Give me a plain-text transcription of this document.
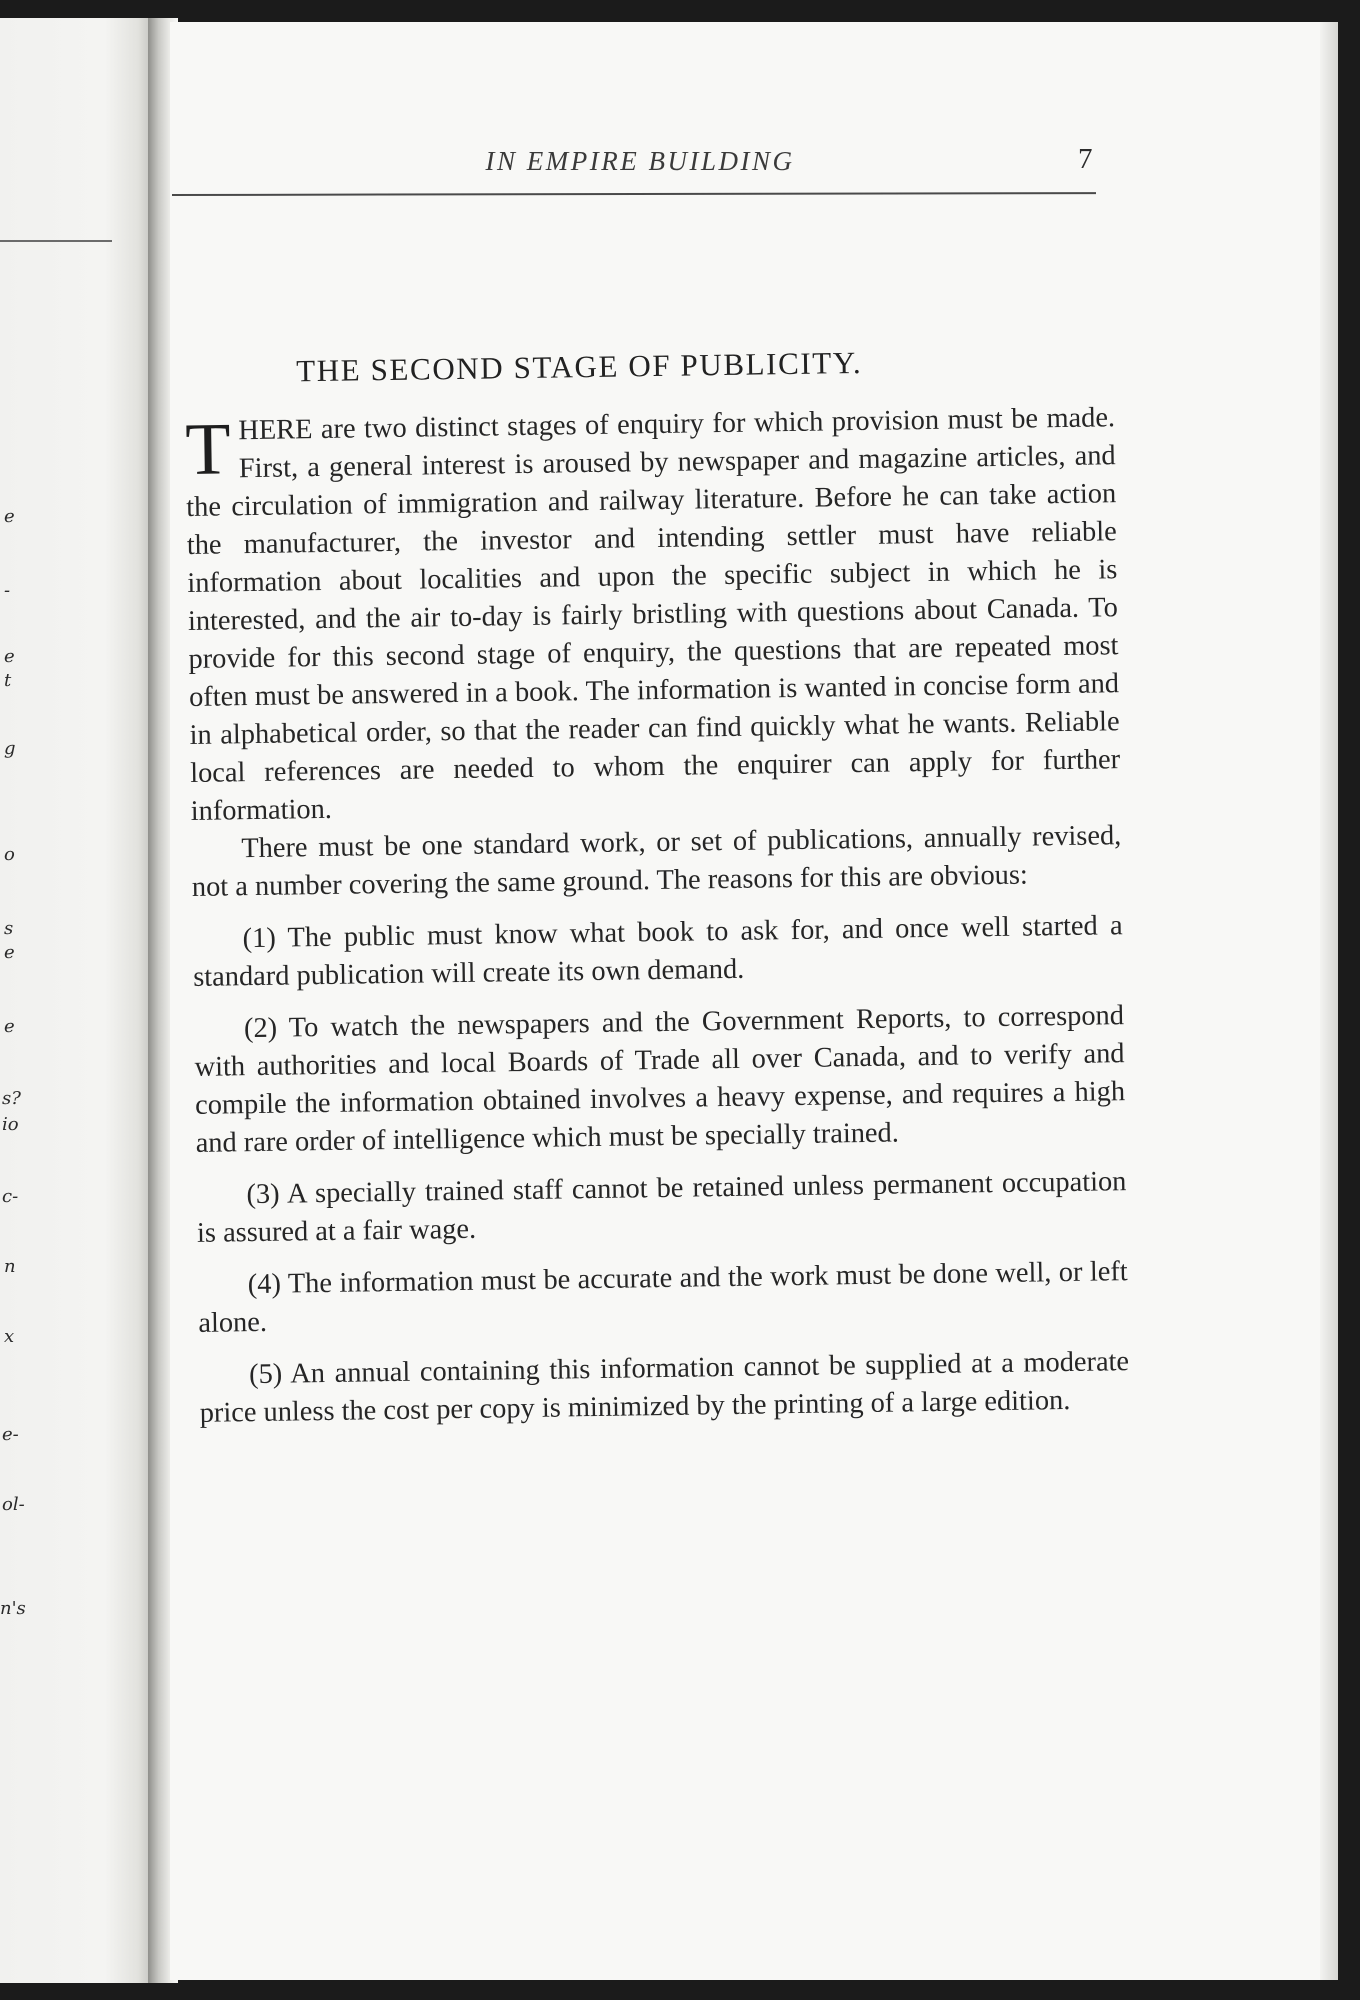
e
-
e
t
g
o
s
e
e
s?
io
c-
n
x
e-
ol-
n's
IN EMPIRE BUILDING	7
THE SECOND STAGE OF PUBLICITY.

THERE are two distinct stages of enquiry for which provision must be made. First, a general interest is aroused by newspaper and magazine articles, and the circulation of immigration and railway literature. Before he can take action the manufacturer, the investor and intending settler must have reliable information about localities and upon the specific subject in which he is interested, and the air to-day is fairly bristling with questions about Canada. To provide for this second stage of enquiry, the questions that are repeated most often must be answered in a book. The information is wanted in concise form and in alphabetical order, so that the reader can find quickly what he wants. Reliable local references are needed to whom the enquirer can apply for further information.

There must be one standard work, or set of publications, annually revised, not a number covering the same ground. The reasons for this are obvious:

(1) The public must know what book to ask for, and once well started a standard publication will create its own demand.

(2) To watch the newspapers and the Government Reports, to correspond with authorities and local Boards of Trade all over Canada, and to verify and compile the information obtained involves a heavy expense, and requires a high and rare order of intelligence which must be specially trained.

(3) A specially trained staff cannot be retained unless permanent occupation is assured at a fair wage.

(4) The information must be accurate and the work must be done well, or left alone.

(5) An annual containing this information cannot be supplied at a moderate price unless the cost per copy is minimized by the printing of a large edition.
